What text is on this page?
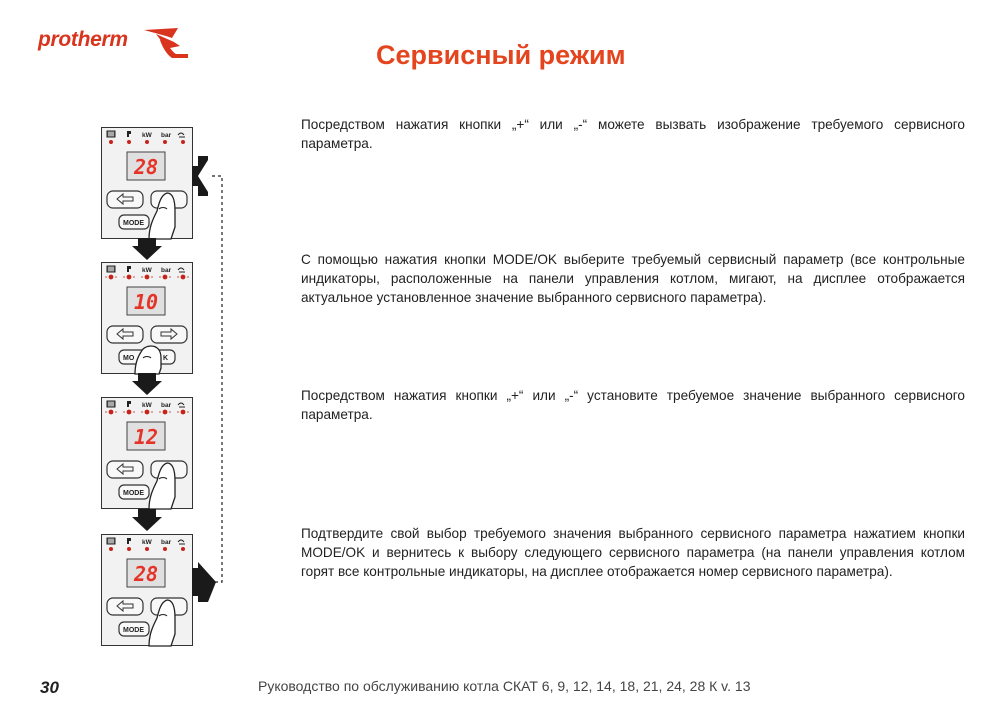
protherm
Сервисный режим

Посредством нажатия кнопки „+“ или „-“ можете вызвать изображение требуемого сервисного параметра.

С помощью нажатия кнопки MODE/OK выберите требуемый сервисный параметр (все контрольные индикаторы, расположенные на панели управления котлом, мигают, на дисплее отображается актуальное установленное значение выбранного сервисного параметра).

Посредством нажатия кнопки „+“ или „-“ установите требуемое значение выбранного сервисного параметра.

Подтвердите свой выбор требуемого значения выбранного сервисного параметра нажатием кнопки MODE/OK и вернитесь к выбору следующего сервисного параметра (на панели управления котлом горят все контрольные индикаторы, на дисплее отображается номер сервисного параметра).

kW bar
28
MODE
kW bar
10
MO	K
kW bar
12
MODE
kW bar
28
MODE
30	Руководство по обслуживанию котла СКАТ 6, 9, 12, 14, 18, 21, 24, 28 К v. 13
